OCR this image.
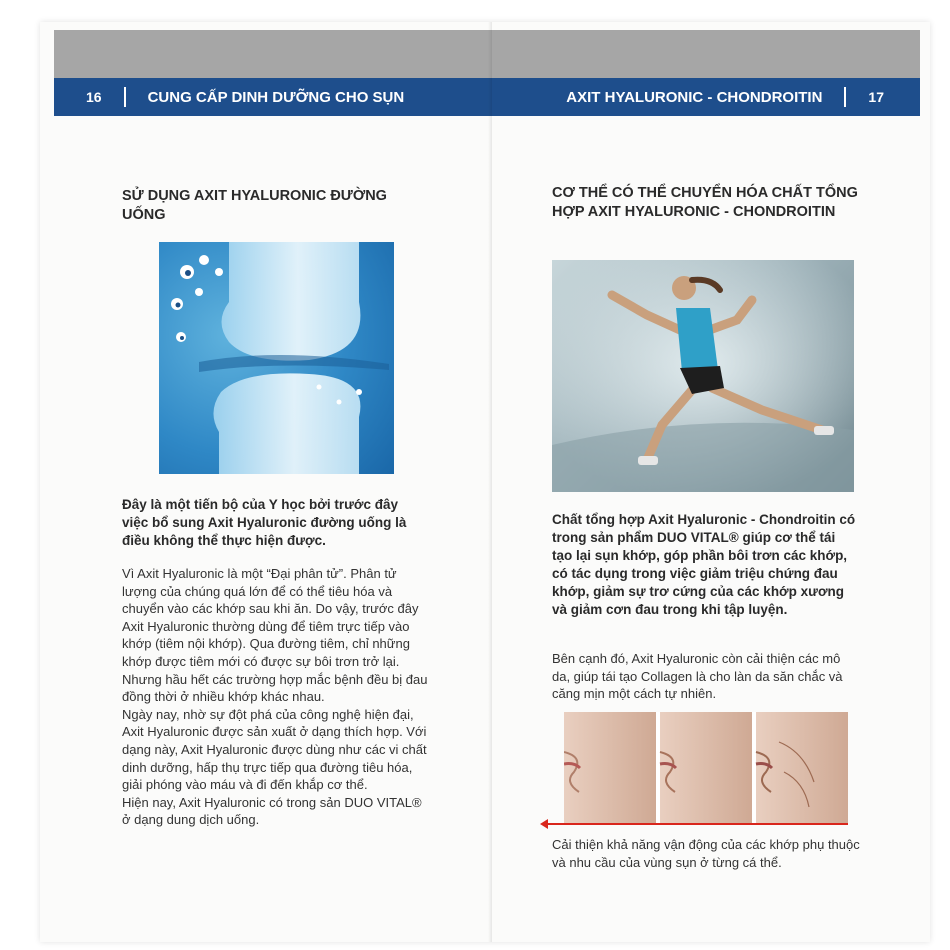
16	CUNG CẤP DINH DƯỠNG CHO SỤN
SỬ DỤNG AXIT HYALURONIC ĐƯỜNG UỐNG
Đây là một tiến bộ của Y học bởi trước đây việc bổ sung Axit Hyaluronic đường uống là điều không thể thực hiện được.

Vì Axit Hyaluronic là một “Đại phân tử”. Phân tử lượng của chúng quá lớn để có thể tiêu hóa và chuyển vào các khớp sau khi ăn. Do vậy, trước đây Axit Hyaluronic thường dùng để tiêm trực tiếp vào khớp (tiêm nội khớp). Qua đường tiêm, chỉ những khớp được tiêm mới có được sự bôi trơn trở lại. Nhưng hầu hết các trường hợp mắc bệnh đều bị đau đồng thời ở nhiều khớp khác nhau.

Ngày nay, nhờ sự đột phá của công nghệ hiện đại, Axit Hyaluronic được sản xuất ở dạng thích hợp. Với dạng này, Axit Hyaluronic được dùng như các vi chất dinh dưỡng, hấp thụ trực tiếp qua đường tiêu hóa, giải phóng vào máu và đi đến khắp cơ thể.

Hiện nay, Axit Hyaluronic có trong sản DUO VITAL® ở dạng dung dịch uống.

AXIT HYALURONIC - CHONDROITIN	17
CƠ THỂ CÓ THỂ CHUYỂN HÓA CHẤT TỔNG HỢP AXIT HYALURONIC - CHONDROITIN
Chất tổng hợp Axit Hyaluronic - Chondroitin có trong sản phẩm DUO VITAL® giúp cơ thể tái tạo lại sụn khớp, góp phần bôi trơn các khớp, có tác dụng trong việc giảm triệu chứng đau khớp, giảm sự trơ cứng của các khớp xương và giảm cơn đau trong khi tập luyện.

Bên cạnh đó, Axit Hyaluronic còn cải thiện các mô da, giúp tái tạo Collagen là cho làn da săn chắc và căng mịn một cách tự nhiên.

Cải thiện khả năng vận động của các khớp phụ thuộc và nhu cầu của vùng sụn ở từng cá thể.
